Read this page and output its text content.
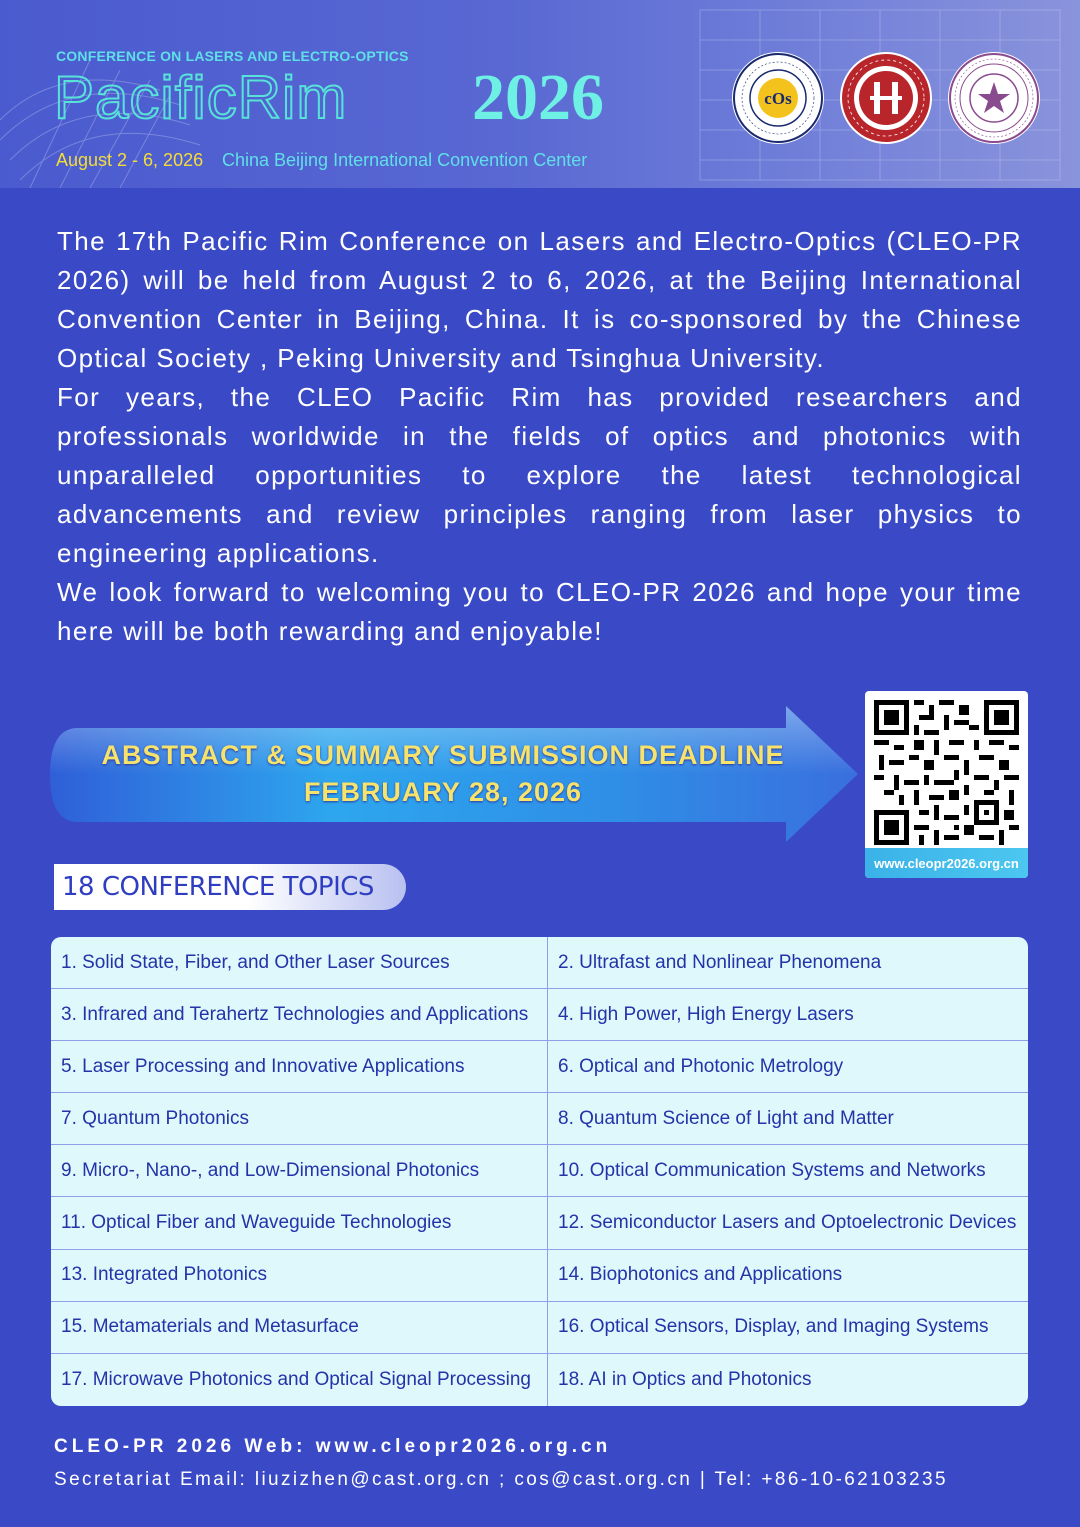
CONFERENCE ON LASERS AND ELECTRO-OPTICS
PacificRim 2026
August 2 - 6, 2026 China Beijing International Convention Center
cOs

The 17th Pacific Rim Conference on Lasers and Electro-Optics (CLEO-PR 2026) will be held from August 2 to 6, 2026, at the Beijing International Convention Center in Beijing, China. It is co-sponsored by the Chinese Optical Society , Peking University and Tsinghua University.

For years, the CLEO Pacific Rim has provided researchers and professionals worldwide in the fields of optics and photonics with unparalleled opportunities to explore the latest technological advancements and review principles ranging from laser physics to engineering applications.

We look forward to welcoming you to CLEO-PR 2026 and hope your time here will be both rewarding and enjoyable!

ABSTRACT & SUMMARY SUBMISSION DEADLINE
FEBRUARY 28, 2026
www.cleopr2026.org.cn
18 CONFERENCE TOPICS
1. Solid State, Fiber, and Other Laser Sources	2. Ultrafast and Nonlinear Phenomena
3. Infrared and Terahertz Technologies and Applications	4. High Power, High Energy Lasers
5. Laser Processing and Innovative Applications	6. Optical and Photonic Metrology
7. Quantum Photonics	8. Quantum Science of Light and Matter
9. Micro-, Nano-, and Low-Dimensional Photonics	10. Optical Communication Systems and Networks
11. Optical Fiber and Waveguide Technologies	12. Semiconductor Lasers and Optoelectronic Devices
13. Integrated Photonics	14. Biophotonics and Applications
15. Metamaterials and Metasurface	16. Optical Sensors, Display, and Imaging Systems
17. Microwave Photonics and Optical Signal Processing	18. AI in Optics and Photonics
CLEO-PR 2026 Web: www.cleopr2026.org.cn
Secretariat Email: liuzizhen@cast.org.cn ; cos@cast.org.cn | Tel: +86-10-62103235
